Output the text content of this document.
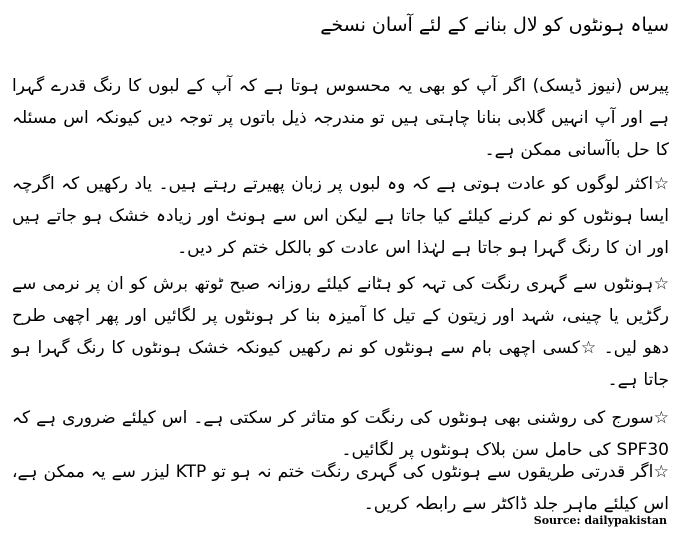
سیاہ ہونٹوں کو لال بنانے کے لئے آسان نسخے

پیرس (نیوز ڈیسک) اگر آپ کو بھی یہ محسوس ہوتا ہے کہ آپ کے لبوں کا رنگ قدرے گہرا ہے اور آپ انہیں گلابی بنانا چاہتی ہیں تو مندرجہ ذیل باتوں پر توجہ دیں کیونکہ اس مسئلہ کا حل باآسانی ممکن ہے۔

☆اکثر لوگوں کو عادت ہوتی ہے کہ وہ لبوں پر زبان پھیرتے رہتے ہیں۔ یاد رکھیں کہ اگرچہ ایسا ہونٹوں کو نم کرنے کیلئے کیا جاتا ہے لیکن اس سے ہونٹ اور زیادہ خشک ہو جاتے ہیں اور ان کا رنگ گہرا ہو جاتا ہے لہٰذا اس عادت کو بالکل ختم کر دیں۔

☆ہونٹوں سے گہری رنگت کی تہہ کو ہٹانے کیلئے روزانہ صبح ٹوتھ برش کو ان پر نرمی سے رگڑیں یا چینی، شہد اور زیتون کے تیل کا آمیزہ بنا کر ہونٹوں پر لگائیں اور پھر اچھی طرح دھو لیں۔ ☆کسی اچھی بام سے ہونٹوں کو نم رکھیں کیونکہ خشک ہونٹوں کا رنگ گہرا ہو جاتا ہے۔

☆سورج کی روشنی بھی ہونٹوں کی رنگت کو متاثر کر سکتی ہے۔ اس کیلئے ضروری ہے کہ SPF30 کی حامل سن بلاک ہونٹوں پر لگائیں۔

☆اگر قدرتی طریقوں سے ہونٹوں کی گہری رنگت ختم نہ ہو تو KTP لیزر سے یہ ممکن ہے، اس کیلئے ماہر جلد ڈاکٹر سے رابطہ کریں۔

Source: dailypakistan
